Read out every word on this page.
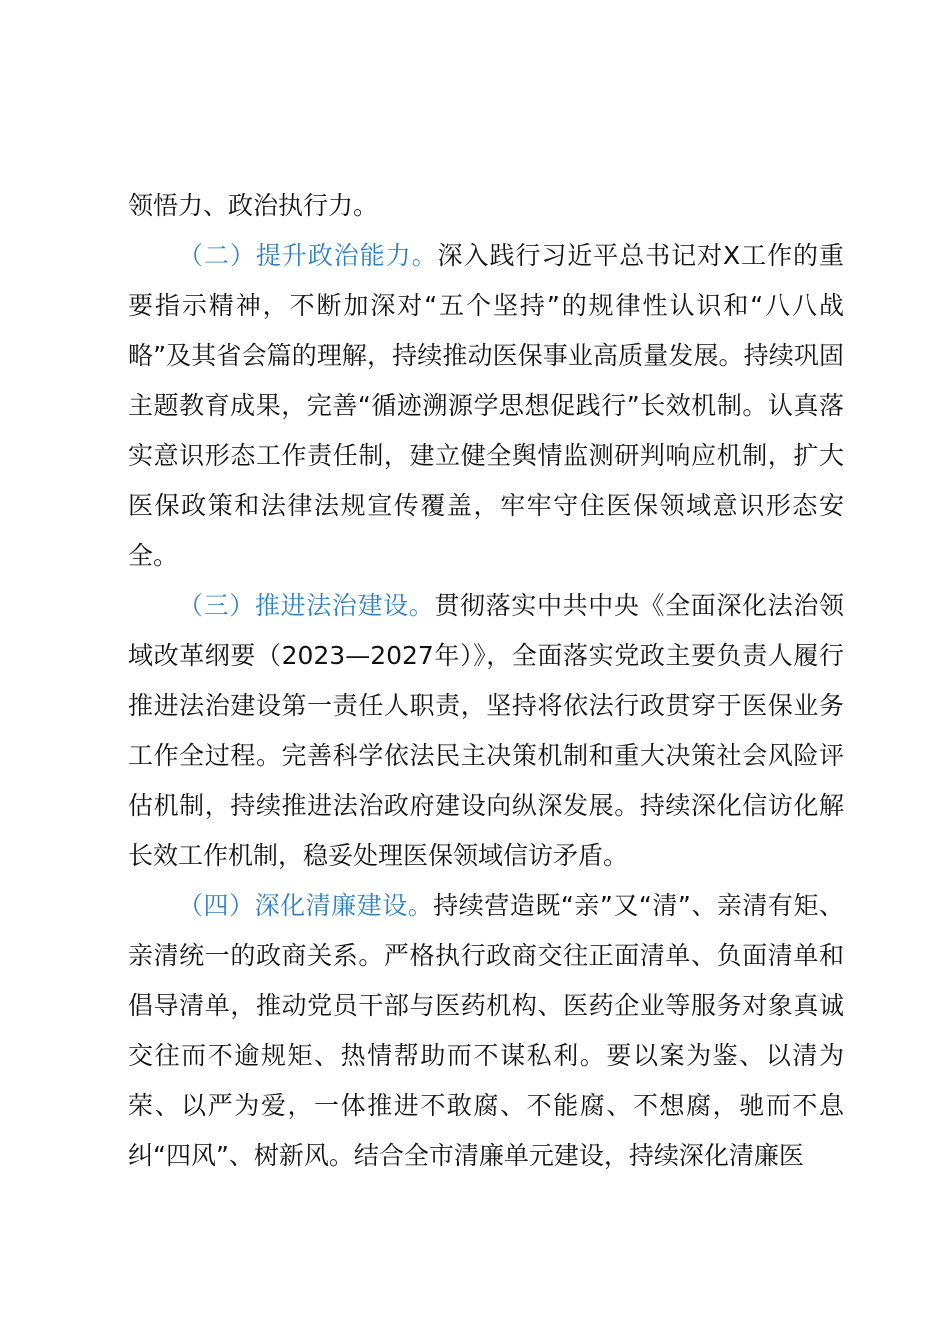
领悟力、政治执行力。

（二）提升政治能力。深入践行习近平总书记对X工作的重要指示精神，不断加深对“五个坚持”的规律性认识和“八八战略”及其省会篇的理解，持续推动医保事业高质量发展。持续巩固主题教育成果，完善“循迹溯源学思想促践行”长效机制。认真落实意识形态工作责任制，建立健全舆情监测研判响应机制，扩大医保政策和法律法规宣传覆盖，牢牢守住医保领域意识形态安全。

（三）推进法治建设。贯彻落实中共中央《全面深化法治领域改革纲要（2023—2027年）》，全面落实党政主要负责人履行推进法治建设第一责任人职责，坚持将依法行政贯穿于医保业务工作全过程。完善科学依法民主决策机制和重大决策社会风险评估机制，持续推进法治政府建设向纵深发展。持续深化信访化解长效工作机制，稳妥处理医保领域信访矛盾。

（四）深化清廉建设。持续营造既“亲”又“清”、亲清有矩、亲清统一的政商关系。严格执行政商交往正面清单、负面清单和倡导清单，推动党员干部与医药机构、医药企业等服务对象真诚交往而不逾规矩、热情帮助而不谋私利。要以案为鉴、以清为荣、以严为爱，一体推进不敢腐、不能腐、不想腐，驰而不息纠“四风”、树新风。结合全市清廉单元建设，持续深化清廉医
